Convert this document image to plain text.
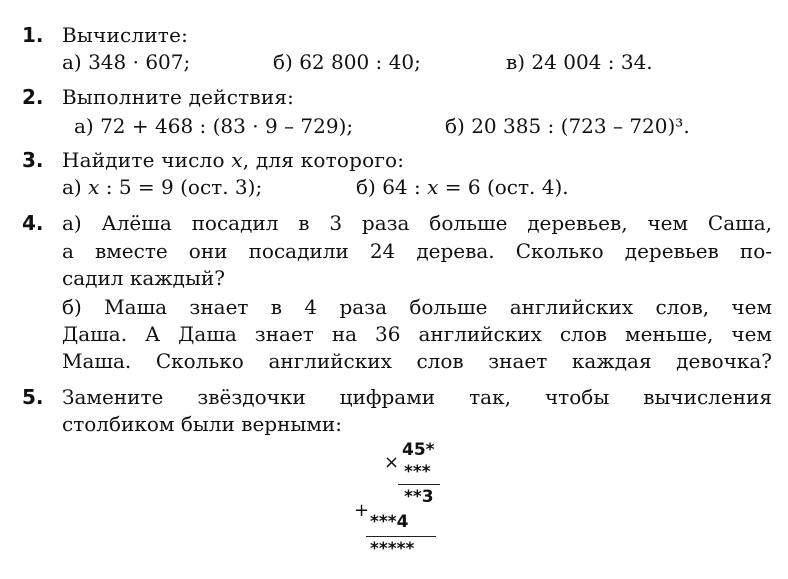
1. Вычислите:
а) 348 · 607;	б) 62 800 : 40;	в) 24 004 : 34.
2. Выполните действия:
а) 72 + 468 : (83 · 9 – 729);	б) 20 385 : (723 – 720)³.
3. Найдите число x, для которого:
а) x : 5 = 9 (ост. 3);	б) 64 : x = 6 (ост. 4).
4. а) Алёша посадил в 3 раза больше деревьев, чем Саша,
а вместе они посадили 24 дерева. Сколько деревьев по-
садил каждый?
б) Маша знает в 4 раза больше английских слов, чем
Даша. А Даша знает на 36 английских слов меньше, чем
Маша. Сколько английских слов знает каждая девочка?
5. Замените звёздочки цифрами так, чтобы вычисления
столбиком были верными:
×
45*
***
**3
+
***4
*****
